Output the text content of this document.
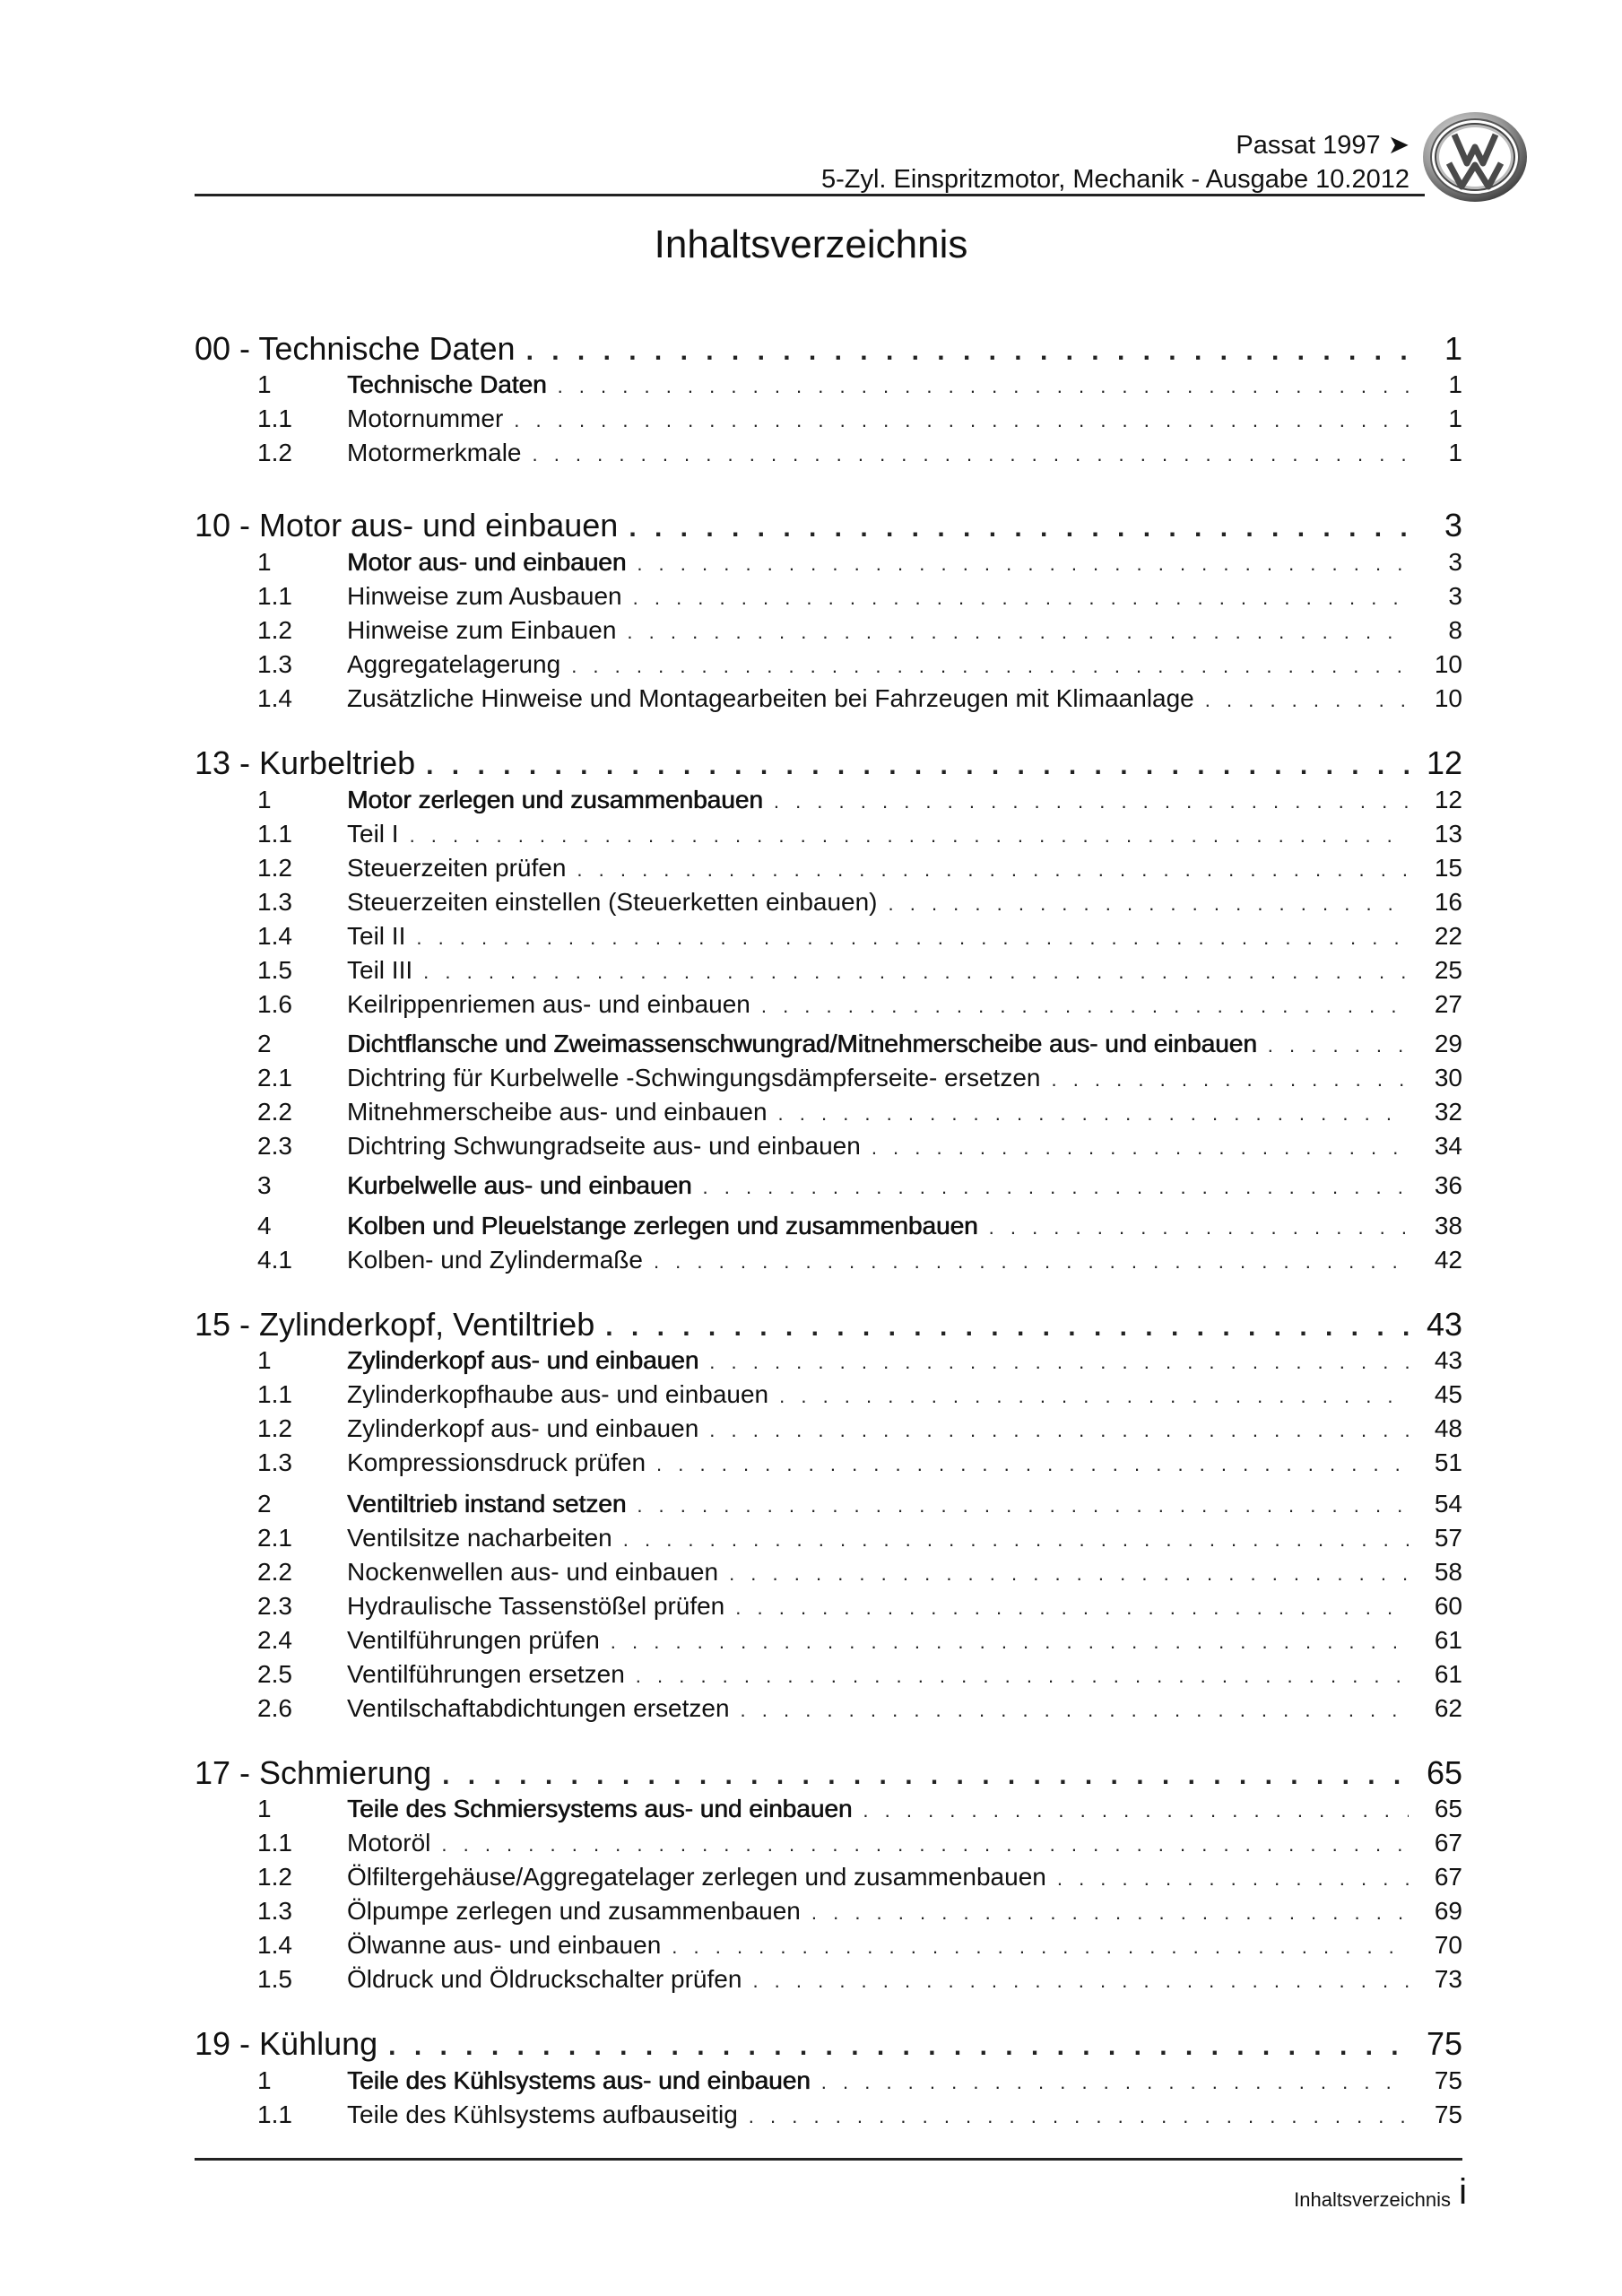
Passat 1997 ➤
5-Zyl. Einspritzmotor, Mechanik - Ausgabe 10.2012
Inhaltsverzeichnis
00 - Technische Daten . . .	1
1	Technische Daten . . .	1
1.1	Motornummer . . .	1
1.2	Motormerkmale . . .	1
10 - Motor aus- und einbauen . . .	3
1	Motor aus- und einbauen . . .	3
1.1	Hinweise zum Ausbauen . . .	3
1.2	Hinweise zum Einbauen . . .	8
1.3	Aggregatelagerung . . .	10
1.4	Zusätzliche Hinweise und Montagearbeiten bei Fahrzeugen mit Klimaanlage . . .	10
13 - Kurbeltrieb . . .	12
1	Motor zerlegen und zusammenbauen . . .	12
1.1	Teil I . . .	13
1.2	Steuerzeiten prüfen . . .	15
1.3	Steuerzeiten einstellen (Steuerketten einbauen) . . .	16
1.4	Teil II . . .	22
1.5	Teil III . . .	25
1.6	Keilrippenriemen aus- und einbauen . . .	27
2	Dichtflansche und Zweimassenschwungrad/Mitnehmerscheibe aus- und einbauen . . .	29
2.1	Dichtring für Kurbelwelle -Schwingungsdämpferseite- ersetzen . . .	30
2.2	Mitnehmerscheibe aus- und einbauen . . .	32
2.3	Dichtring Schwungradseite aus- und einbauen . . .	34
3	Kurbelwelle aus- und einbauen . . .	36
4	Kolben und Pleuelstange zerlegen und zusammenbauen . . .	38
4.1	Kolben- und Zylindermaße . . .	42
15 - Zylinderkopf, Ventiltrieb . . .	43
1	Zylinderkopf aus- und einbauen . . .	43
1.1	Zylinderkopfhaube aus- und einbauen . . .	45
1.2	Zylinderkopf aus- und einbauen . . .	48
1.3	Kompressionsdruck prüfen . . .	51
2	Ventiltrieb instand setzen . . .	54
2.1	Ventilsitze nacharbeiten . . .	57
2.2	Nockenwellen aus- und einbauen . . .	58
2.3	Hydraulische Tassenstößel prüfen . . .	60
2.4	Ventilführungen prüfen . . .	61
2.5	Ventilführungen ersetzen . . .	61
2.6	Ventilschaftabdichtungen ersetzen . . .	62
17 - Schmierung . . .	65
1	Teile des Schmiersystems aus- und einbauen . . .	65
1.1	Motoröl . . .	67
1.2	Ölfiltergehäuse/Aggregatelager zerlegen und zusammenbauen . . .	67
1.3	Ölpumpe zerlegen und zusammenbauen . . .	69
1.4	Ölwanne aus- und einbauen . . .	70
1.5	Öldruck und Öldruckschalter prüfen . . .	73
19 - Kühlung . . .	75
1	Teile des Kühlsystems aus- und einbauen . . .	75
1.1	Teile des Kühlsystems aufbauseitig . . .	75
Inhaltsverzeichnis i
